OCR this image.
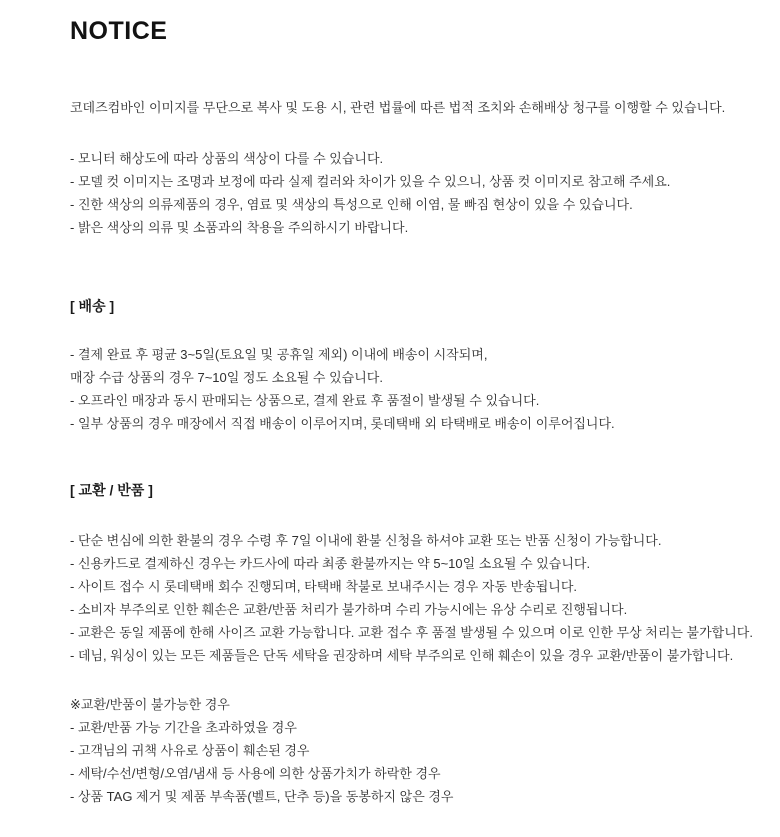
NOTICE

코데즈컴바인 이미지를 무단으로 복사 및 도용 시, 관련 법률에 따른 법적 조치와 손해배상 청구를 이행할 수 있습니다.

- 모니터 해상도에 따라 상품의 색상이 다를 수 있습니다.

- 모델 컷 이미지는 조명과 보정에 따라 실제 컬러와 차이가 있을 수 있으니, 상품 컷 이미지로 참고해 주세요.

- 진한 색상의 의류제품의 경우, 염료 및 색상의 특성으로 인해 이염, 물 빠짐 현상이 있을 수 있습니다.

- 밝은 색상의 의류 및 소품과의 착용을 주의하시기 바랍니다.

[ 배송 ]

- 결제 완료 후 평균 3~5일(토요일 및 공휴일 제외) 이내에 배송이 시작되며,

매장 수급 상품의 경우 7~10일 정도 소요될 수 있습니다.

- 오프라인 매장과 동시 판매되는 상품으로, 결제 완료 후 품절이 발생될 수 있습니다.

- 일부 상품의 경우 매장에서 직접 배송이 이루어지며, 롯데택배 외 타택배로 배송이 이루어집니다.

[ 교환 / 반품 ]

- 단순 변심에 의한 환불의 경우 수령 후 7일 이내에 환불 신청을 하셔야 교환 또는 반품 신청이 가능합니다.

- 신용카드로 결제하신 경우는 카드사에 따라 최종 환불까지는 약 5~10일 소요될 수 있습니다.

- 사이트 접수 시 롯데택배 회수 진행되며, 타택배 착불로 보내주시는 경우 자동 반송됩니다.

- 소비자 부주의로 인한 훼손은 교환/반품 처리가 불가하며 수리 가능시에는 유상 수리로 진행됩니다.

- 교환은 동일 제품에 한해 사이즈 교환 가능합니다. 교환 접수 후 품절 발생될 수 있으며 이로 인한 무상 처리는 불가합니다.

- 데님, 워싱이 있는 모든 제품들은 단독 세탁을 권장하며 세탁 부주의로 인해 훼손이 있을 경우 교환/반품이 불가합니다.

※교환/반품이 불가능한 경우

- 교환/반품 가능 기간을 초과하였을 경우

- 고객님의 귀책 사유로 상품이 훼손된 경우

- 세탁/수선/변형/오염/냄새 등 사용에 의한 상품가치가 하락한 경우

- 상품 TAG 제거 및 제품 부속품(벨트, 단추 등)을 동봉하지 않은 경우
